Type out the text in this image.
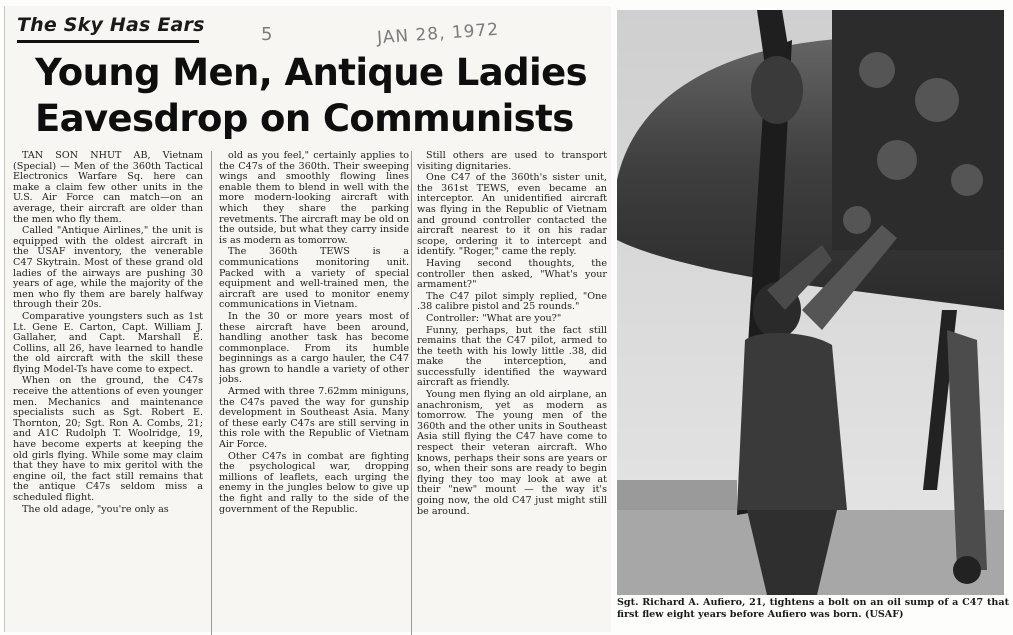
The Sky Has Ears	5	JAN 28, 1972
Young Men, Antique Ladies
Eavesdrop on Communists

TAN SON NHUT AB, Vietnam (Special) — Men of the 360th Tactical Electronics Warfare Sq. here can make a claim few other units in the U.S. Air Force can match—on an average, their aircraft are older than the men who fly them.

Called "Antique Airlines," the unit is equipped with the oldest aircraft in the USAF inventory, the venerable C47 Skytrain. Most of these grand old ladies of the airways are pushing 30 years of age, while the majority of the men who fly them are barely halfway through their 20s.

Comparative youngsters such as 1st Lt. Gene E. Carton, Capt. William J. Gallaher, and Capt. Marshall E. Collins, all 26, have learned to handle the old aircraft with the skill these flying Model-Ts have come to expect.

When on the ground, the C47s receive the attentions of even younger men. Mechanics and maintenance specialists such as Sgt. Robert E. Thornton, 20; Sgt. Ron A. Combs, 21; and A1C Rudolph T. Woolridge, 19, have become experts at keeping the old girls flying. While some may claim that they have to mix geritol with the engine oil, the fact still remains that the antique C47s seldom miss a scheduled flight.

The old adage, "you're only as

old as you feel," certainly applies to the C47s of the 360th. Their sweeping wings and smoothly flowing lines enable them to blend in well with the more modern-looking aircraft with which they share the parking revetments. The aircraft may be old on the outside, but what they carry inside is as modern as tomorrow.

The 360th TEWS is a communications monitoring unit. Packed with a variety of special equipment and well-trained men, the aircraft are used to monitor enemy communications in Vietnam.

In the 30 or more years most of these aircraft have been around, handling another task has become commonplace. From its humble beginnings as a cargo hauler, the C47 has grown to handle a variety of other jobs.

Armed with three 7.62mm miniguns, the C47s paved the way for gunship development in Southeast Asia. Many of these early C47s are still serving in this role with the Republic of Vietnam Air Force.

Other C47s in combat are fighting the psychological war, dropping millions of leaflets, each urging the enemy in the jungles below to give up the fight and rally to the side of the government of the Republic.

Still others are used to transport visiting dignitaries.

One C47 of the 360th's sister unit, the 361st TEWS, even became an interceptor. An unidentified aircraft was flying in the Republic of Vietnam and ground controller contacted the aircraft nearest to it on his radar scope, ordering it to intercept and identify. "Roger," came the reply.

Having second thoughts, the controller then asked, "What's your armament?"

The C47 pilot simply replied, "One .38 calibre pistol and 25 rounds."

Controller: "What are you?"

Funny, perhaps, but the fact still remains that the C47 pilot, armed to the teeth with his lowly little .38, did make the interception, and successfully identified the wayward aircraft as friendly.

Young men flying an old airplane, an anachronism, yet as modern as tomorrow. The young men of the 360th and the other units in Southeast Asia still flying the C47 have come to respect their veteran aircraft. Who knows, perhaps their sons are years or so, when their sons are ready to begin flying they too may look at awe at their "new" mount — the way it's going now, the old C47 just might still be around.

Sgt. Richard A. Aufiero, 21, tightens a bolt on an oil sump of a C47 that first flew eight years before Aufiero was born. (USAF)
